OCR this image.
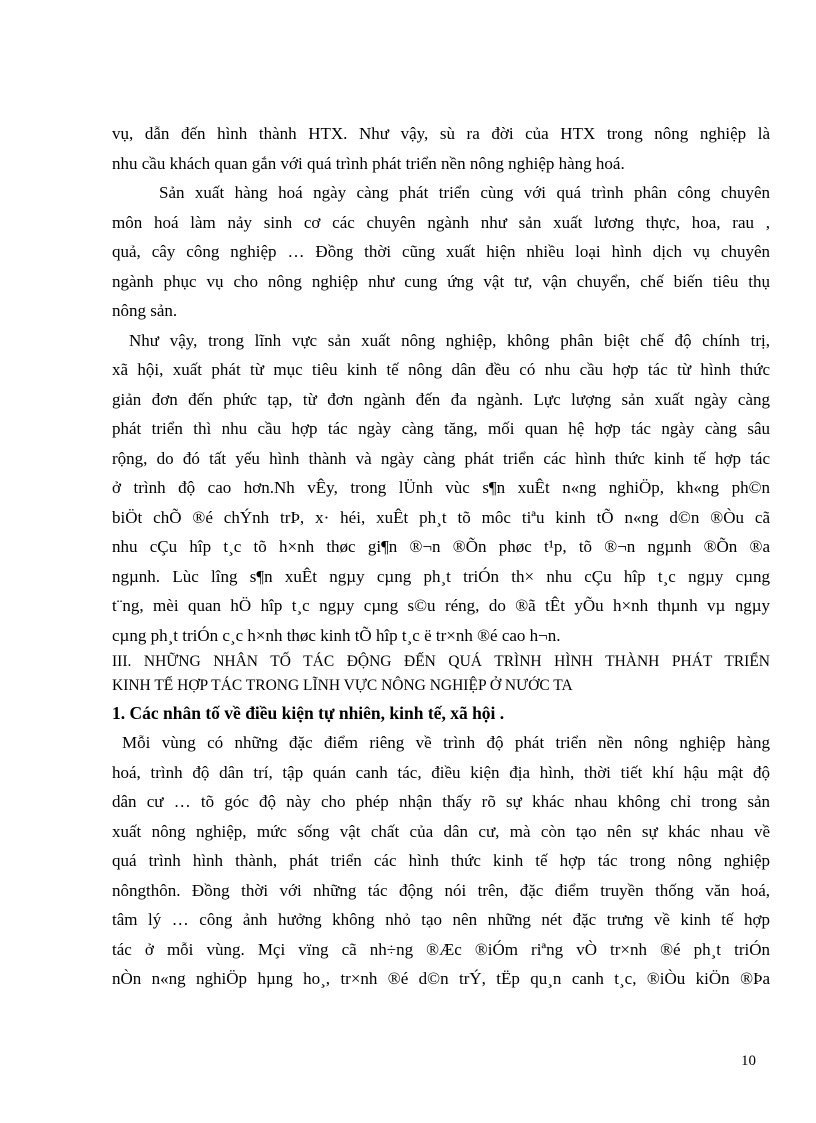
vụ, dẫn đến hình thành HTX. Như vậy, sù ra đời của HTX trong nông nghiệp là
nhu cầu khách quan gắn với quá trình phát triển nền nông nghiệp hàng hoá.
Sản xuất hàng hoá ngày càng phát triển cùng với quá trình phân công chuyên
môn hoá làm nảy sinh cơ các chuyên ngành như sản xuất lương thực, hoa, rau ,
quả, cây công nghiệp … Đồng thời cũng xuất hiện nhiều loại hình dịch vụ chuyên
ngành phục vụ cho nông nghiệp như cung ứng vật tư, vận chuyển, chế biến tiêu thụ
nông sản.
Như vậy, trong lĩnh vực sản xuất nông nghiệp, không phân biệt chế độ chính trị,
xã hội, xuất phát từ mục tiêu kinh tế nông dân đều có nhu cầu hợp tác từ hình thức
giản đơn đến phức tạp, từ đơn ngành đến đa ngành. Lực lượng sản xuất ngày càng
phát triển thì nhu cầu hợp tác ngày càng tăng, mối quan hệ hợp tác ngày càng sâu
rộng, do đó tất yếu hình thành và ngày càng phát triển các hình thức kinh tế hợp tác
ở trình độ cao hơn.Nh vÊy, trong lÜnh vùc s¶n xuÊt n«ng nghiÖp, kh«ng ph©n
biÖt chÕ ®é chÝnh trÞ, x· héi, xuÊt ph¸t tõ môc tiªu kinh tÕ n«ng d©n ®Òu cã
nhu cÇu hîp t¸c tõ h×nh thøc gi¶n ®¬n ®Õn phøc t¹p, tõ ®¬n ngµnh ®Õn ®a
ngµnh. Lùc lîng s¶n xuÊt ngµy cµng ph¸t triÓn th× nhu cÇu hîp t¸c ngµy cµng
t¨ng, mèi quan hÖ hîp t¸c ngµy cµng s©u réng, do ®ã tÊt yÕu h×nh thµnh vµ ngµy
cµng ph¸t triÓn c¸c h×nh thøc kinh tÕ hîp t¸c ë tr×nh ®é cao h¬n.
III. NHỮNG NHÂN TỐ TÁC ĐỘNG ĐẾN QUÁ TRÌNH HÌNH THÀNH PHÁT TRIỂN
KINH TẾ HỢP TÁC TRONG LĨNH VỰC NÔNG NGHIỆP Ở NƯỚC TA
1. Các nhân tố về điều kiện tự nhiên, kinh tế, xã hội .
Mỗi vùng có những đặc điểm riêng về trình độ phát triển nền nông nghiệp hàng
hoá, trình độ dân trí, tập quán canh tác, điều kiện địa hình, thời tiết khí hậu mật độ
dân cư … tõ góc độ này cho phép nhận thấy rõ sự khác nhau không chỉ trong sản
xuất nông nghiệp, mức sống vật chất của dân cư, mà còn tạo nên sự khác nhau về
quá trình hình thành, phát triển các hình thức kinh tế hợp tác trong nông nghiệp
nôngthôn. Đồng thời với những tác động nói trên, đặc điểm truyền thống văn hoá,
tâm lý … công ảnh hưởng không nhỏ tạo nên những nét đặc trưng về kinh tế hợp
tác ở mỗi vùng. Mçi vïng cã nh÷ng ®Æc ®iÓm riªng vÒ tr×nh ®é ph¸t triÓn
nÒn n«ng nghiÖp hµng ho¸, tr×nh ®é d©n trÝ, tËp qu¸n canh t¸c, ®iÒu kiÖn ®Þa
10
